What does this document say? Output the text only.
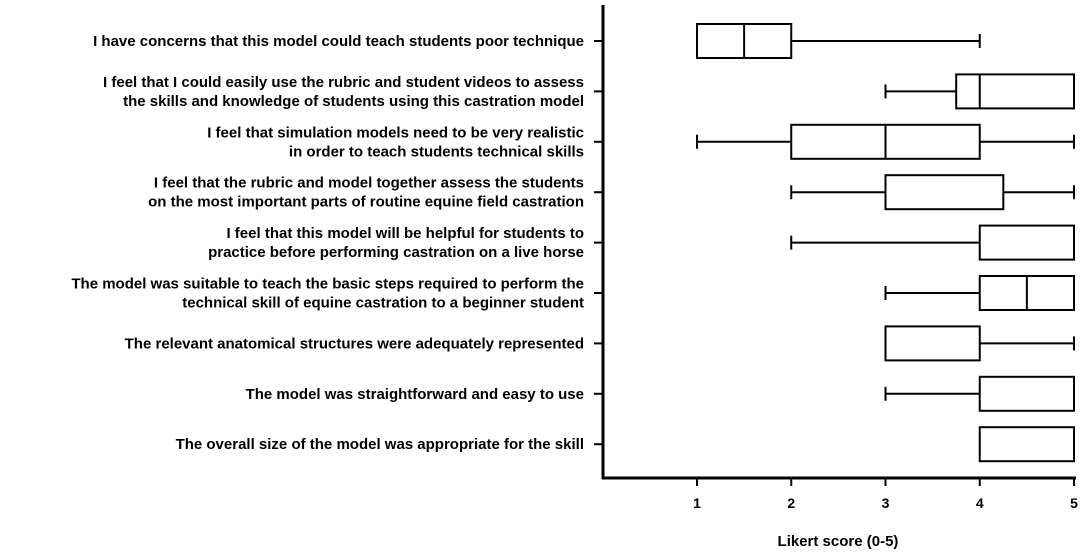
1	2	3	4	5
I have concerns that this model could teach students poor technique
I feel that I could easily use the rubric and student videos to assess
the skills and knowledge of students using this castration model
I feel that simulation models need to be very realistic
in order to teach students technical skills
I feel that the rubric and model together assess the students
on the most important parts of routine equine field castration
I feel that this model will be helpful for students to
practice before performing castration on a live horse
The model was suitable to teach the basic steps required to perform the
technical skill of equine castration to a beginner student
The relevant anatomical structures were adequately represented
The model was straightforward and easy to use
The overall size of the model was appropriate for the skill
Likert score (0-5)
